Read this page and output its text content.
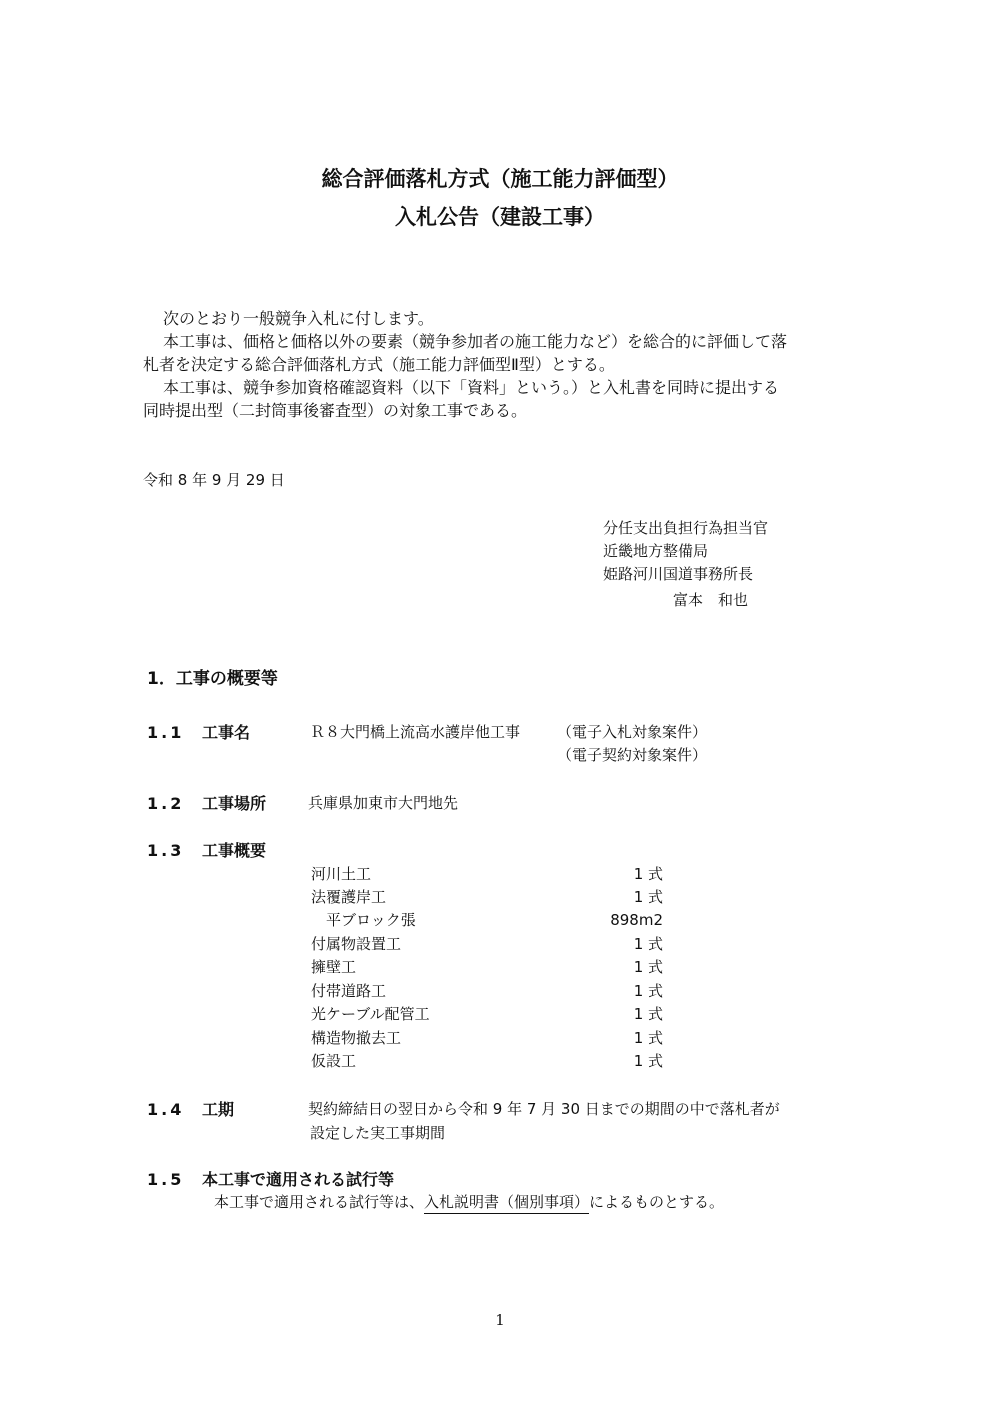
総合評価落札方式（施工能力評価型）
入札公告（建設工事）
次のとおり一般競争入札に付します。
本工事は、価格と価格以外の要素（競争参加者の施工能力など）を総合的に評価して落
札者を決定する総合評価落札方式（施工能力評価型Ⅱ型）とする。
本工事は、競争参加資格確認資料（以下「資料」という。）と入札書を同時に提出する
同時提出型（二封筒事後審査型）の対象工事である。
令和 8 年 9 月 29 日
分任支出負担行為担当官
近畿地方整備局
姫路河川国道事務所長
富本　和也
1．工事の概要等
1.1 工事名	Ｒ８大門橋上流高水護岸他工事 （電子入札対象案件）
（電子契約対象案件）
1.2 工事場所	兵庫県加東市大門地先
1.3 工事概要
河川土工	1 式
法覆護岸工	1 式
　平ブロック張	898m2
付属物設置工	1 式
擁壁工	1 式
付帯道路工	1 式
光ケーブル配管工	1 式
構造物撤去工	1 式
仮設工	1 式
1.4 工期	契約締結日の翌日から令和 9 年 7 月 30 日までの期間の中で落札者が
設定した実工事期間
1.5 本工事で適用される試行等
本工事で適用される試行等は、入札説明書（個別事項）によるものとする。
1
